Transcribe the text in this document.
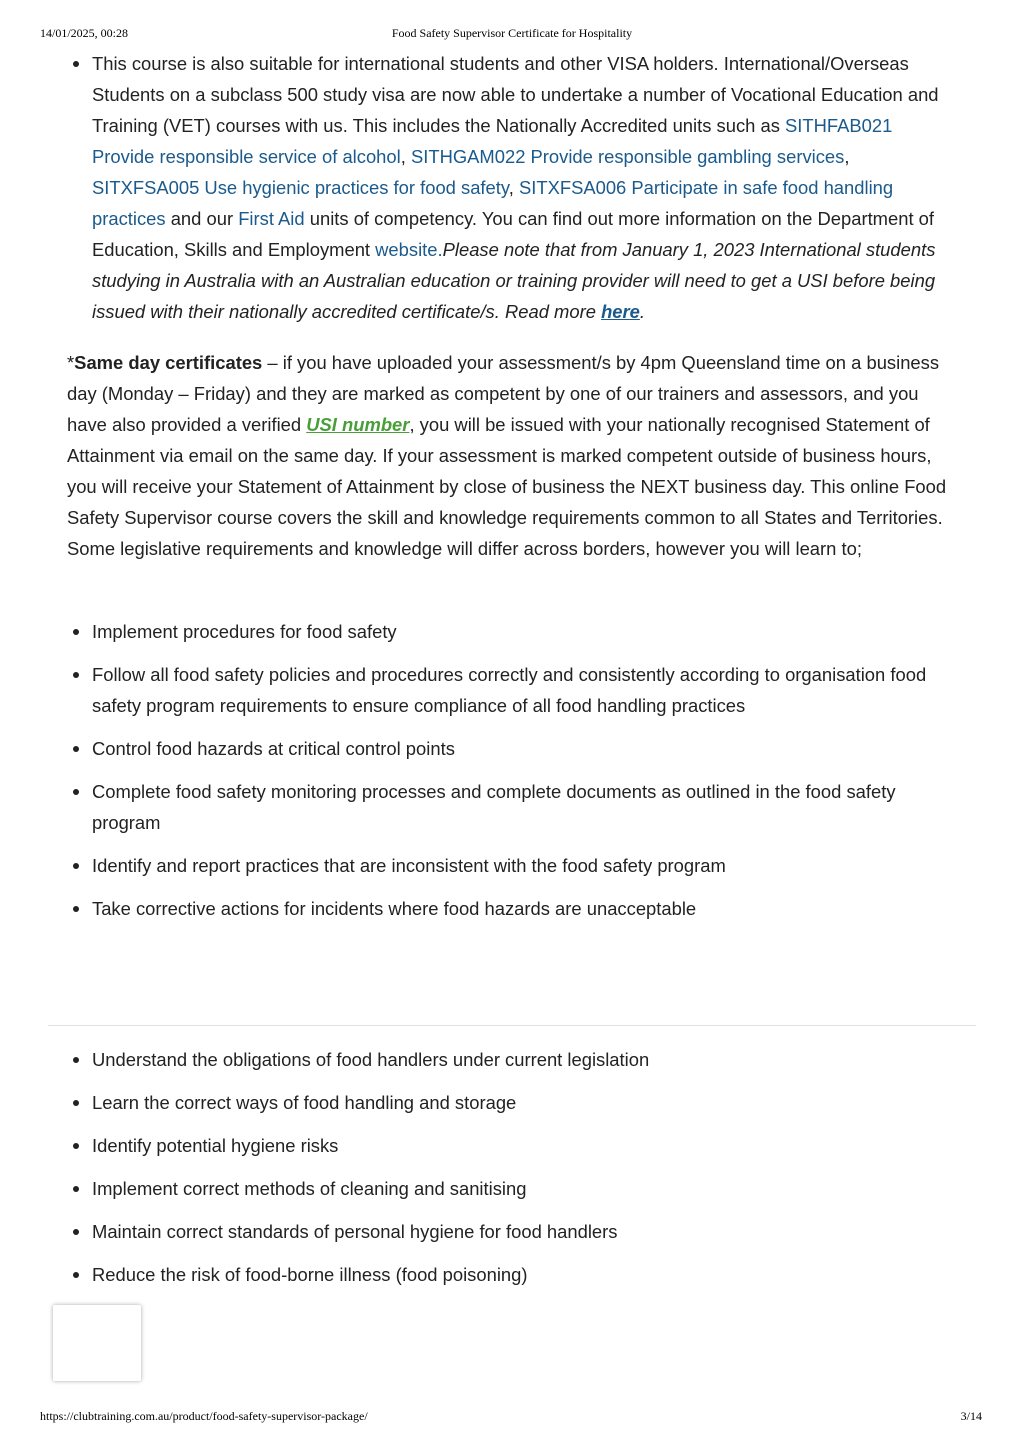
14/01/2025, 00:28	Food Safety Supervisor Certificate for Hospitality
This course is also suitable for international students and other VISA holders. International/Overseas Students on a subclass 500 study visa are now able to undertake a number of Vocational Education and Training (VET) courses with us. This includes the Nationally Accredited units such as SITHFAB021 Provide responsible service of alcohol, SITHGAM022 Provide responsible gambling services, SITXFSA005 Use hygienic practices for food safety, SITXFSA006 Participate in safe food handling practices and our First Aid units of competency. You can find out more information on the Department of Education, Skills and Employment website.Please note that from January 1, 2023 International students studying in Australia with an Australian education or training provider will need to get a USI before being issued with their nationally accredited certificate/s. Read more here.

*Same day certificates – if you have uploaded your assessment/s by 4pm Queensland time on a business day (Monday – Friday) and they are marked as competent by one of our trainers and assessors, and you have also provided a verified USI number, you will be issued with your nationally recognised Statement of Attainment via email on the same day. If your assessment is marked competent outside of business hours, you will receive your Statement of Attainment by close of business the NEXT business day. This online Food Safety Supervisor course covers the skill and knowledge requirements common to all States and Territories. Some legislative requirements and knowledge will differ across borders, however you will learn to;

Implement procedures for food safety
Follow all food safety policies and procedures correctly and consistently according to organisation food safety program requirements to ensure compliance of all food handling practices
Control food hazards at critical control points
Complete food safety monitoring processes and complete documents as outlined in the food safety program
Identify and report practices that are inconsistent with the food safety program
Take corrective actions for incidents where food hazards are unacceptable
Understand the obligations of food handlers under current legislation
Learn the correct ways of food handling and storage
Identify potential hygiene risks
Implement correct methods of cleaning and sanitising
Maintain correct standards of personal hygiene for food handlers
Reduce the risk of food-borne illness (food poisoning)
https://clubtraining.com.au/product/food-safety-supervisor-package/	3/14
